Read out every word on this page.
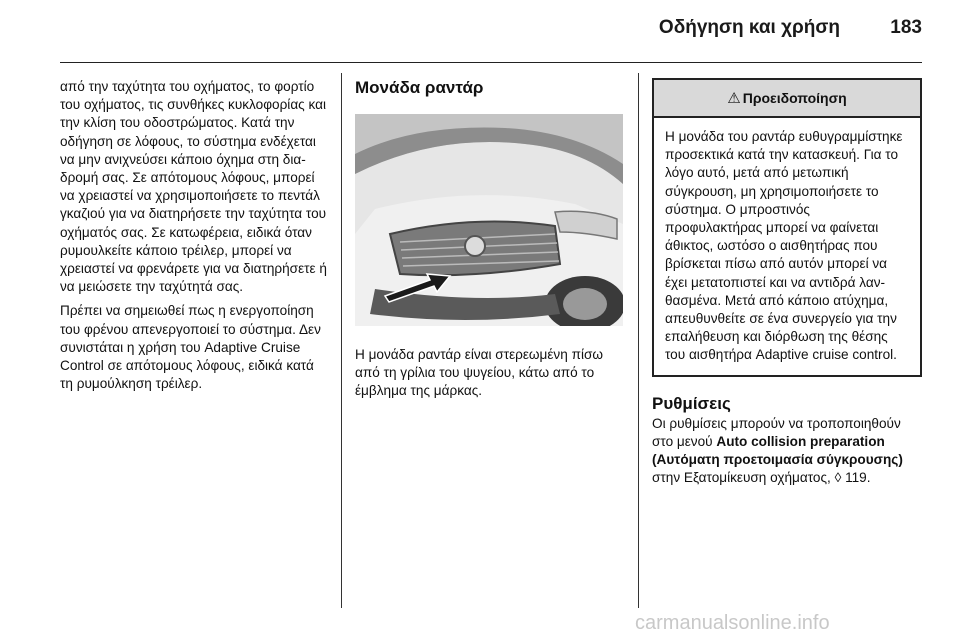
Οδήγηση και χρήση	183

από την ταχύτητα του οχήματος, το φορτίο του οχήματος, τις συνθήκες κυκλοφορίας και την κλίση του οδοστρώματος. Κατά την οδήγηση σε λόφους, το σύστημα ενδέχεται να μην ανιχνεύσει κάποιο όχημα στη διαδρομή σας. Σε απότομους λόφους, μπορεί να χρειαστεί να χρησιμοποιήσετε το πεντάλ γκαζιού για να διατηρήσετε την ταχύτητα του οχήματός σας. Σε κατωφέρεια, ειδικά όταν ρυμουλκείτε κάποιο τρέιλερ, μπορεί να χρειαστεί να φρενάρετε για να διατηρήσετε ή να μειώσετε την ταχύτητά σας.

Πρέπει να σημειωθεί πως η ενεργοποίηση του φρένου απενεργοποιεί το σύστημα. Δεν συνιστάται η χρήση του Adaptive Cruise Control σε απότομους λόφους, ειδικά κατά τη ρυμούλκηση τρέιλερ.

Μονάδα ραντάρ
Η μονάδα ραντάρ είναι στερεωμένη πίσω από τη γρίλια του ψυγείου, κάτω από το έμβλημα της μάρκας.
⚠ Προειδοποίηση
Η μονάδα του ραντάρ ευθυγραμμίστηκε προσεκτικά κατά την κατασκευή. Για το λόγο αυτό, μετά από μετωπική σύγκρουση, μη χρησιμοποιήσετε το σύστημα. Ο μπροστινός προφυλακτήρας μπορεί να φαίνεται άθικτος, ωστόσο ο αισθητήρας που βρίσκεται πίσω από αυτόν μπορεί να έχει μετατοπιστεί και να αντιδρά λανθασμένα. Μετά από κάποιο ατύχημα, απευθυνθείτε σε ένα συνεργείο για την επαλήθευση και διόρθωση της θέσης του αισθητήρα Adaptive cruise control.
Ρυθμίσεις
Οι ρυθμίσεις μπορούν να τροποποιηθούν στο μενού Auto collision preparation (Αυτόματη προετοιμασία σύγκρουσης) στην Εξατομίκευση οχήματος, ◊ 119.
carmanualsonline.info
